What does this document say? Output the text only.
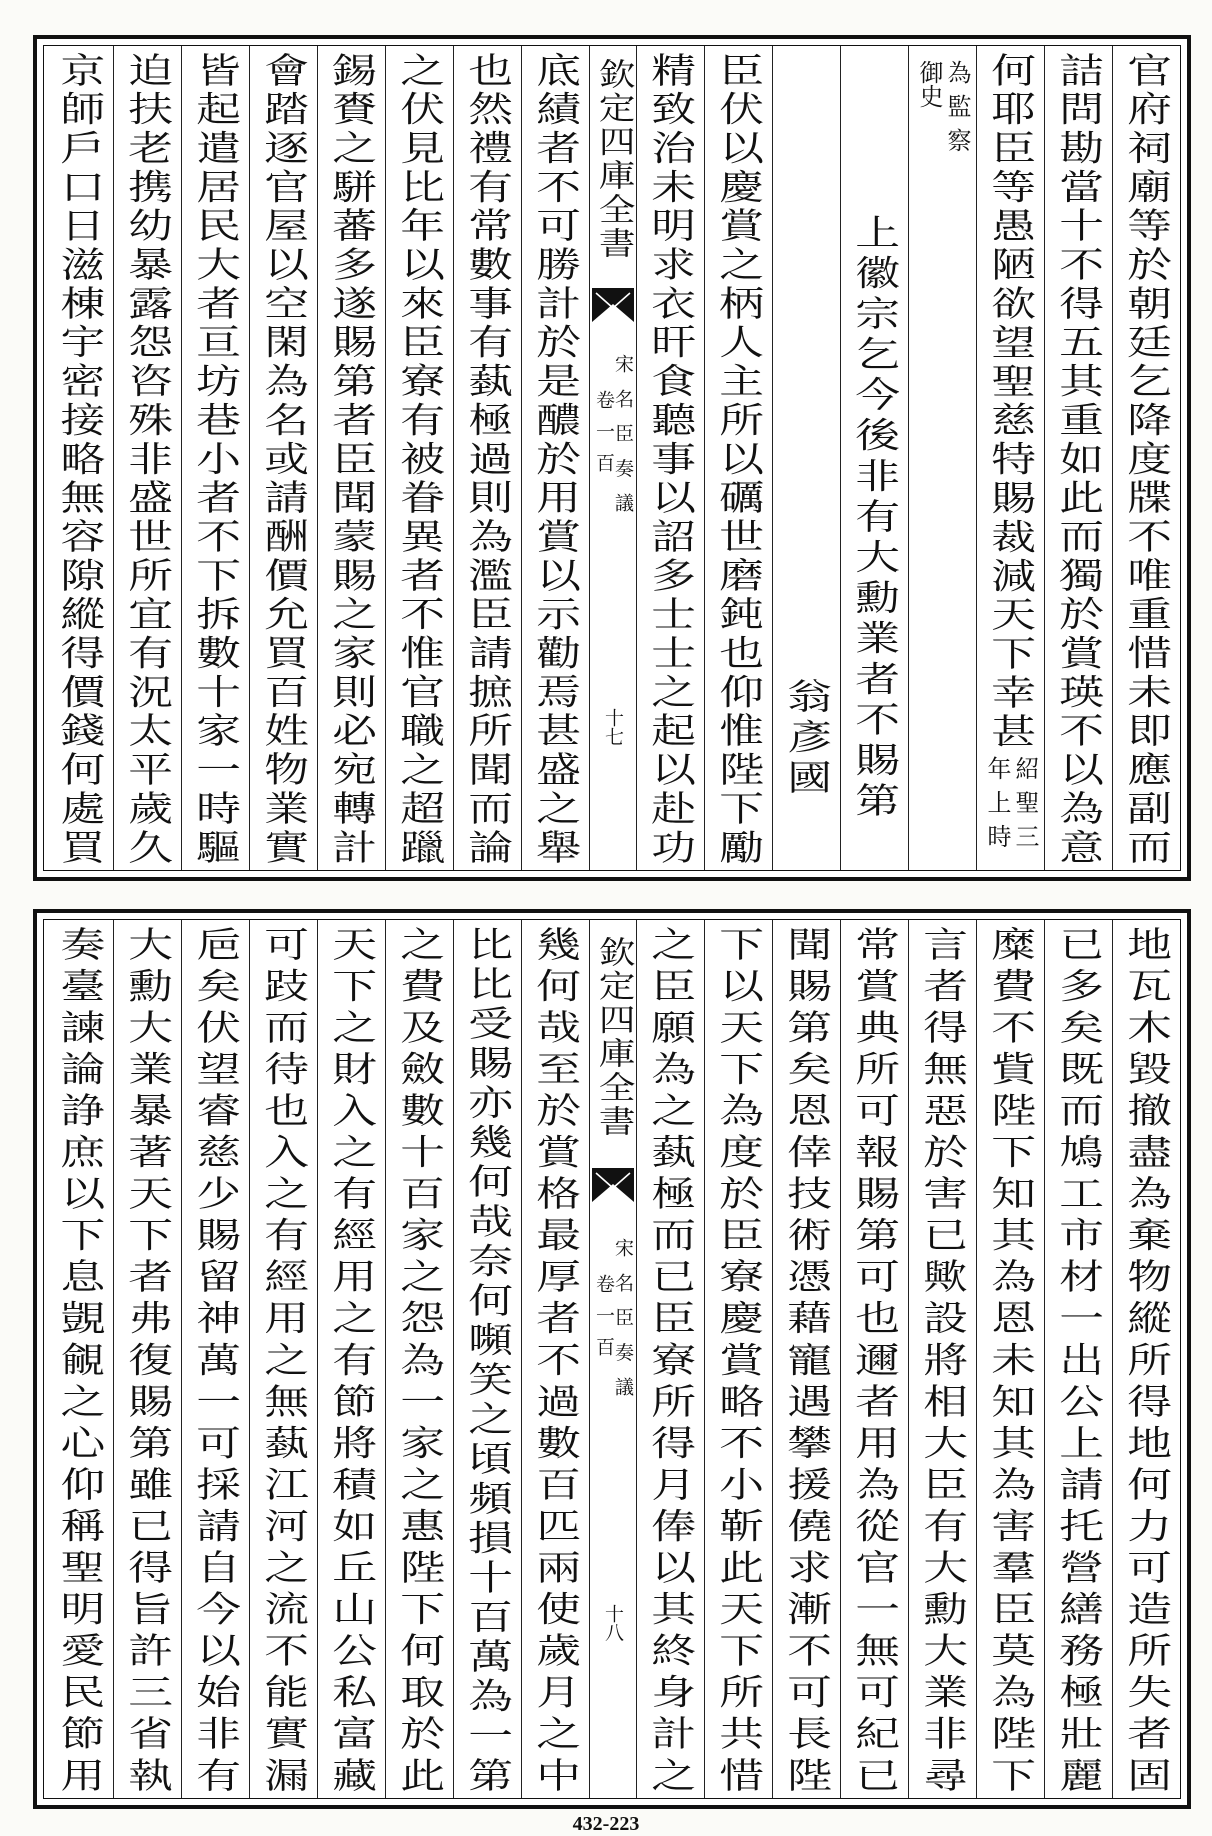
官府祠廟等於朝廷乞降度牒不唯重惜未即應副而
詰問勘當十不得五其重如此而獨於賞瑛不以為意
何耶臣等愚陋欲望聖慈特賜裁減天下幸甚
紹聖三年上時
為監察御史
上徽宗乞今後非有大勳業者不賜第
翁彥國
臣伏以慶賞之柄人主所以礪世磨鈍也仰惟陛下勵
精致治未明求衣旰食聽事以詔多士士之起以赴功
欽定四庫全書
宋名臣奏議
卷一百
十七
底績者不可勝計於是醲於用賞以示勸焉甚盛之舉
也然禮有常數事有蓺極過則為濫臣請摭所聞而論
之伏見比年以來臣寮有被眷異者不惟官職之超躐
錫賚之駢蕃多遂賜第者臣聞蒙賜之家則必宛轉計
會踏逐官屋以空閑為名或請酬價允買百姓物業實
皆起遣居民大者亘坊巷小者不下拆數十家一時驅
迫扶老携幼暴露怨咨殊非盛世所宜有況太平歲久
京師戶口日滋棟宇密接略無容隙縱得價錢何處買
地瓦木毀撤盡為棄物縱所得地何力可造所失者固
已多矣既而鳩工市材一出公上請托營繕務極壯麗
糜費不貲陛下知其為恩未知其為害羣臣莫為陛下
言者得無惡於害已歟設將相大臣有大勳大業非尋
常賞典所可報賜第可也邇者用為從官一無可紀已
聞賜第矣恩倖技術憑藉寵遇攀援僥求漸不可長陛
下以天下為度於臣寮慶賞略不小靳此天下所共惜
之臣願為之蓺極而已臣寮所得月俸以其終身計之
欽定四庫全書
宋名臣奏議
卷一百
十八
幾何哉至於賞格最厚者不過數百匹兩使歲月之中
比比受賜亦幾何哉奈何嚬笑之頃頻損十百萬為一第
之費及斂數十百家之怨為一家之惠陛下何取於此
天下之財入之有經用之有節將積如丘山公私富藏
可跂而待也入之有經用之無蓺江河之流不能實漏
巵矣伏望睿慈少賜留神萬一可採請自今以始非有
大勳大業暴著天下者弗復賜第雖已得旨許三省執
奏臺諫論諍庶以下息覬覦之心仰稱聖明愛民節用
432-223
